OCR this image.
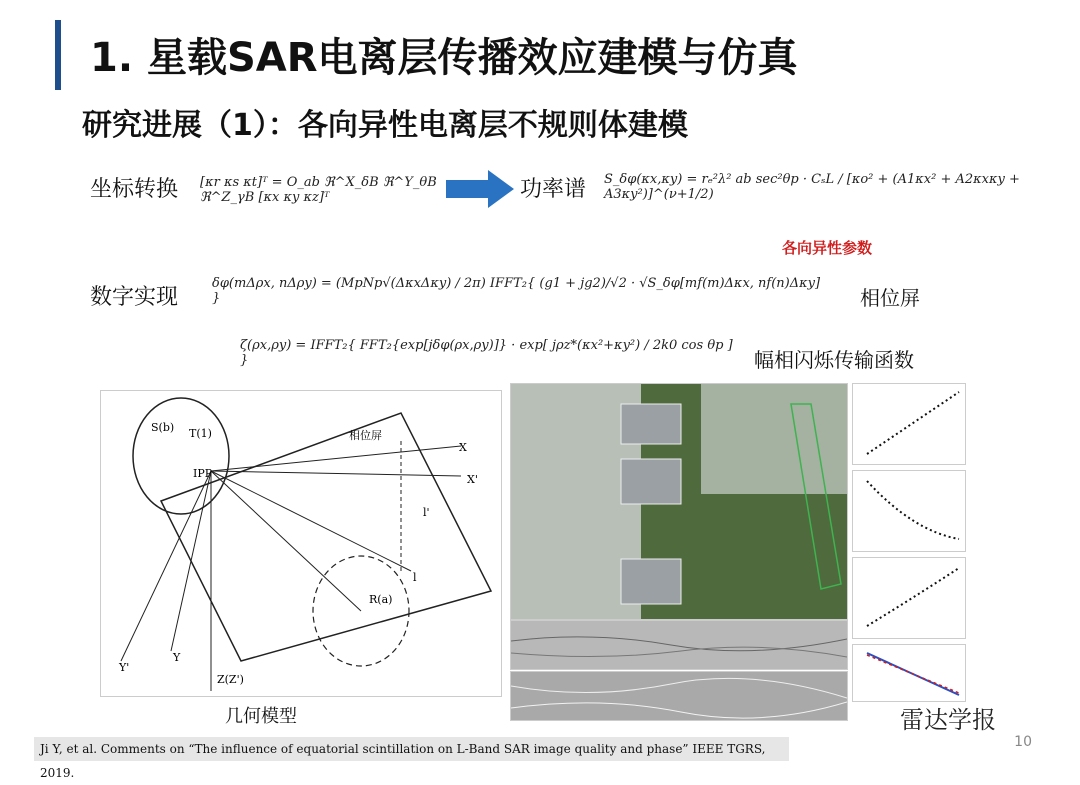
1. 星载SAR电离层传播效应建模与仿真
研究进展（1）：各向异性电离层不规则体建模
坐标转换 [κr κs κt]ᵀ = O_ab ℜ^X_δB ℜ^Y_θB ℜ^Z_γB [κx κy κz]ᵀ	功率谱 S_δφ(κx,κy) = rₑ²λ² ab sec²θp · CₛL / [κo² + (A1κx² + A2κxκy + A3κy²)]^(ν+1/2)
各向异性参数
数字实现
δφ(mΔρx, nΔρy) = (MpNp√(ΔκxΔκy) / 2π) IFFT₂{ (g1 + jg2)/√2 · √S_δφ[mf(m)Δκx, nf(n)Δκy] }	相位屏
ζ(ρx,ρy) = IFFT₂{ FFT₂{exp[jδφ(ρx,ρy)]} · exp[ jρz*(κx²+κy²) / 2k0 cos θp ] }	幅相闪烁传输函数
S(b) T(1)
IPP
X
X'
相位屏
l'
l
R(a)
Y'
Y
Z(Z')
几何模型	雷达学报
10
Ji Y, et al. Comments on “The influence of equatorial scintillation on L-Band SAR image quality and phase” IEEE TGRS, 2019.
